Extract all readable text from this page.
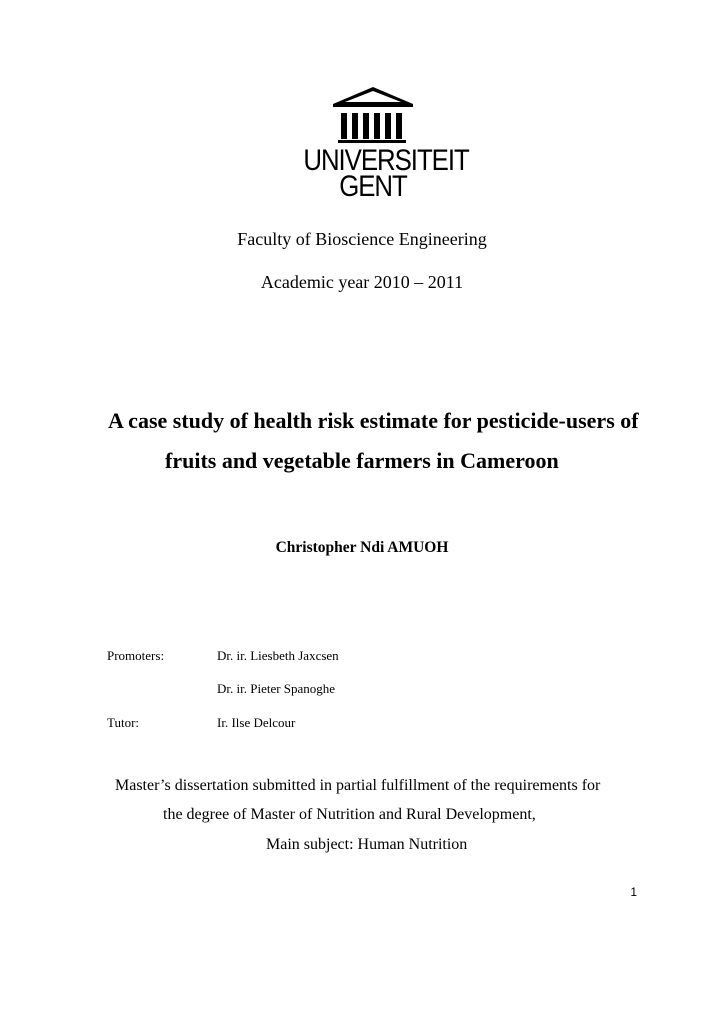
UNIVERSITEIT
GENT
Faculty of Bioscience Engineering
Academic year 2010 – 2011
A case study of health risk estimate for pesticide-users of
fruits and vegetable farmers in Cameroon
Christopher Ndi AMUOH
Promoters:	Dr. ir. Liesbeth Jaxcsen
Dr. ir. Pieter Spanoghe
Tutor:	Ir. Ilse Delcour
Master’s dissertation submitted in partial fulfillment of the requirements for
the degree of Master of Nutrition and Rural Development,
Main subject: Human Nutrition
1
